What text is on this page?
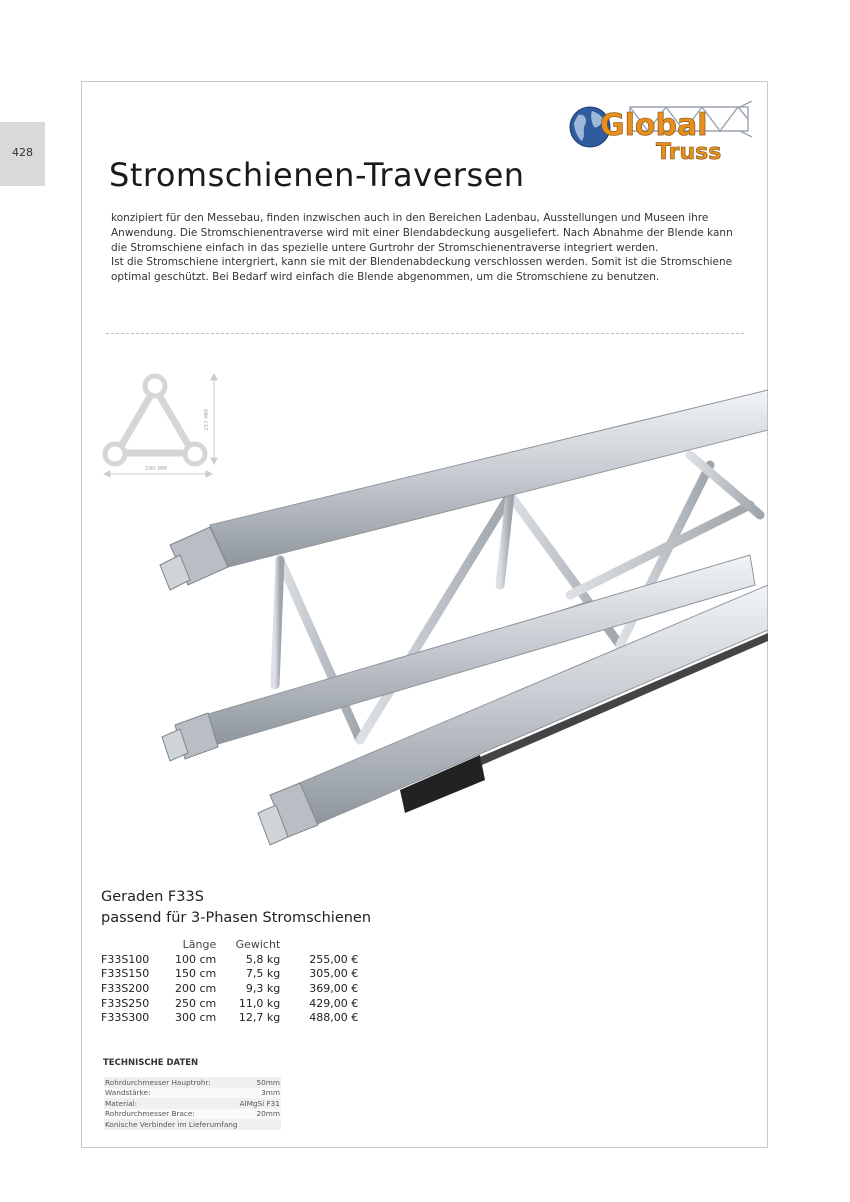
428
Global
Truss
Stromschienen-Traversen

konzipiert für den Messebau, finden inzwischen auch in den Bereichen Ladenbau, Ausstellungen und Museen ihre Anwendung. Die Stromschienentraverse wird mit einer Blendabdeckung ausgeliefert. Nach Abnahme der Blende kann die Stromschiene einfach in das spezielle untere Gurtrohr der Stromschienentraverse integriert werden.

Ist die Stromschiene intergriert, kann sie mit der Blendenabdeckung verschlossen werden. Somit ist die Stromschiene optimal geschützt. Bei Bedarf wird einfach die Blende abgenommen, um die Stromschiene zu benutzen.

290 MM
257 MM
Geraden F33S
passend für 3-Phasen Stromschienen
	Länge	Gewicht	
F33S100	100 cm	5,8 kg	255,00 €
F33S150	150 cm	7,5 kg	305,00 €
F33S200	200 cm	9,3 kg	369,00 €
F33S250	250 cm	11,0 kg	429,00 €
F33S300	300 cm	12,7 kg	488,00 €
TECHNISCHE DATEN
Rohrdurchmesser Hauptrohr:	50mm
Wandstärke:	3mm
Material:	AlMgSi F31
Rohrdurchmesser Brace:	20mm
Konische Verbinder im Lieferumfang	
